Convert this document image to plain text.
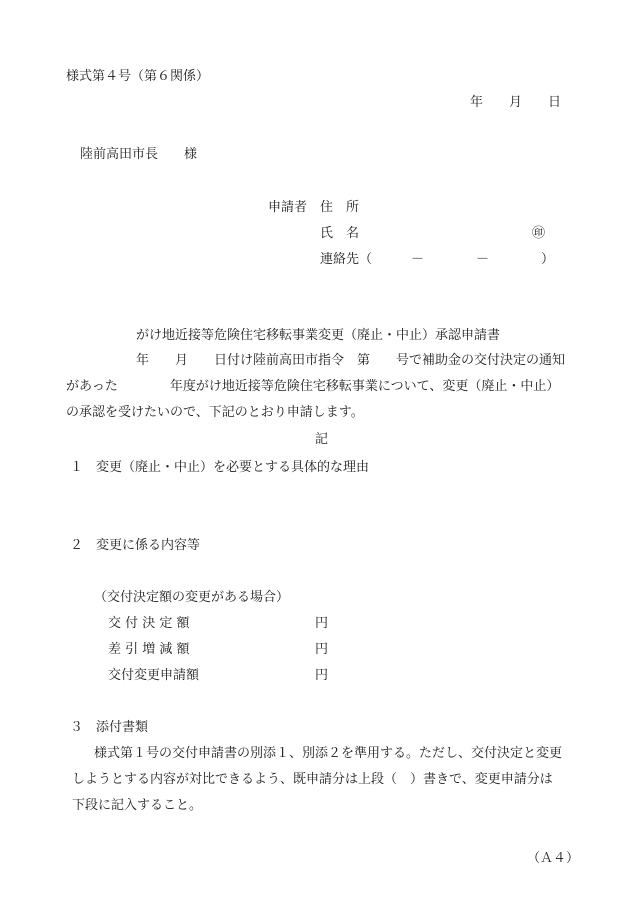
様式第４号（第６関係）
年　　月　　日
陸前高田市長　　様
申請者 住　所
氏　名	㊞
連絡先（　　　－　　　　－　　　　）
がけ地近接等危険住宅移転事業変更（廃止・中止）承認申請書
年　　月　　日付け陸前高田市指令　第　　号で補助金の交付決定の通知
があった　　　　年度がけ地近接等危険住宅移転事業について、変更（廃止・中止）
の承認を受けたいので、下記のとおり申請します。
記
１　変更（廃止・中止）を必要とする具体的な理由
２　変更に係る内容等
（交付決定額の変更がある場合）
交 付 決 定 額	円
差 引 増 減 額	円
交付変更申請額	円
３　添付書類
様式第１号の交付申請書の別添１、別添２を準用する。ただし、交付決定と変更
しようとする内容が対比できるよう、既申請分は上段（　）書きで、変更申請分は
下段に記入すること。
（Ａ４）
